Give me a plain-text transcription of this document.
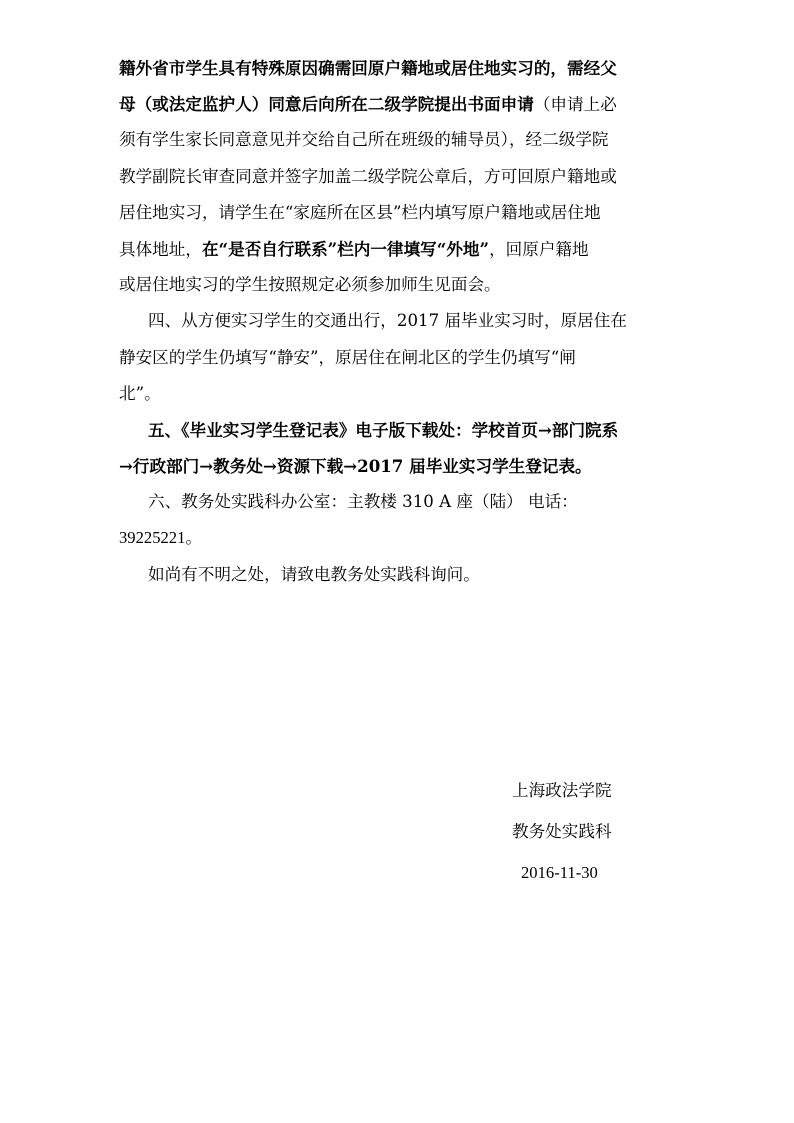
籍外省市学生具有特殊原因确需回原户籍地或居住地实习的，需经父
母（或法定监护人）同意后向所在二级学院提出书面申请（申请上必
须有学生家长同意意见并交给自己所在班级的辅导员），经二级学院
教学副院长审查同意并签字加盖二级学院公章后，方可回原户籍地或
居住地实习，请学生在“家庭所在区县”栏内填写原户籍地或居住地
具体地址，在“是否自行联系”栏内一律填写“外地”，回原户籍地
或居住地实习的学生按照规定必须参加师生见面会。
四、从方便实习学生的交通出行，2017 届毕业实习时，原居住在
静安区的学生仍填写“静安”，原居住在闸北区的学生仍填写“闸
北”。
五、《毕业实习学生登记表》电子版下载处：学校首页→部门院系
→行政部门→教务处→资源下载→2017 届毕业实习学生登记表。
六、教务处实践科办公室：主教楼 310 A 座（陆） 电话：
39225221。
如尚有不明之处，请致电教务处实践科询问。
上海政法学院
教务处实践科
2016-11-30
